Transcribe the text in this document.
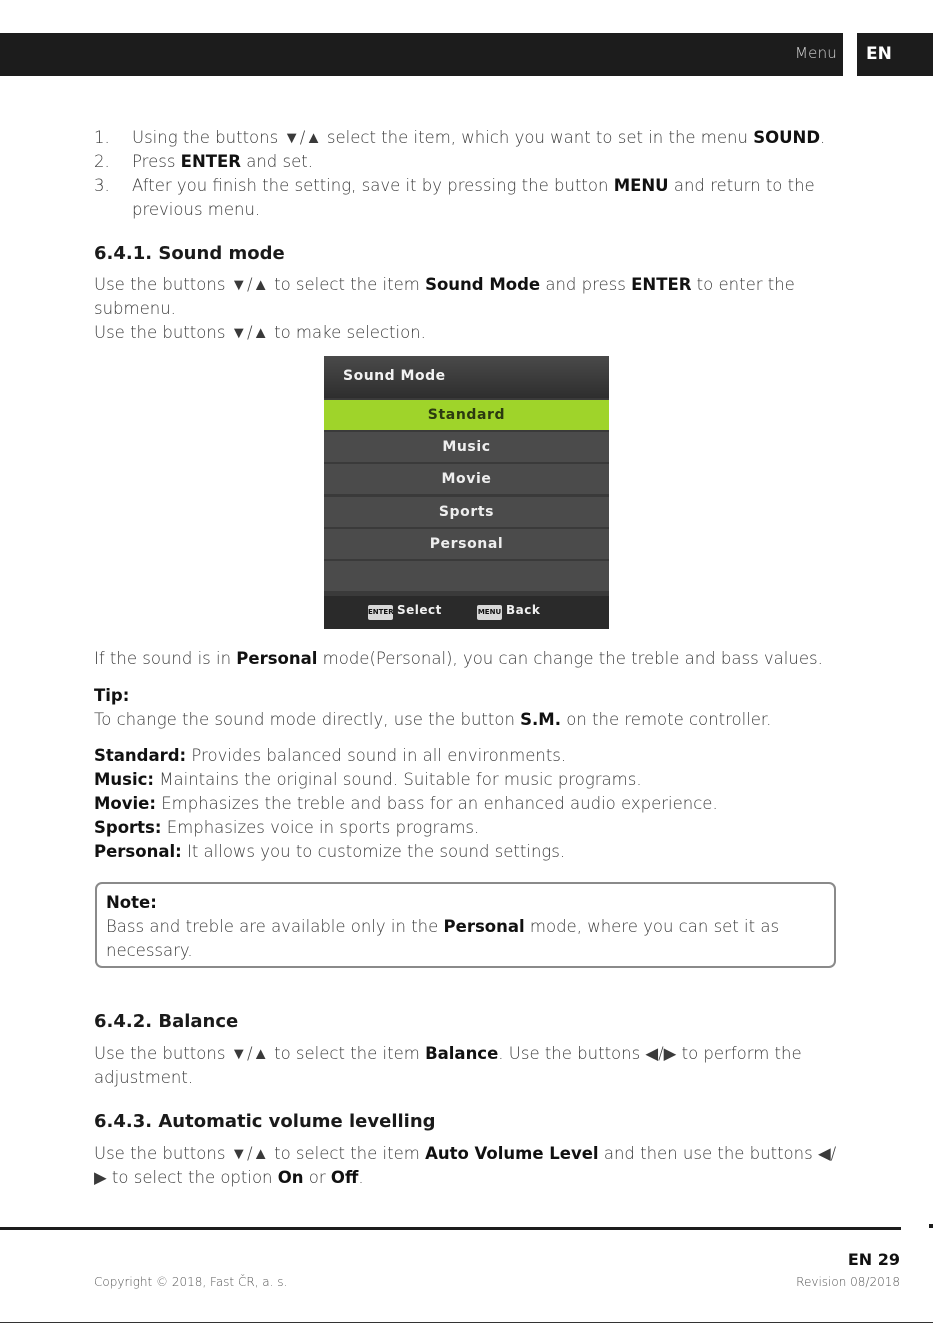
Menu	EN
1. Using the buttons ▼/▲ select the item, which you want to set in the menu SOUND.
2. Press ENTER and set.
3. After you finish the setting, save it by pressing the button MENU and return to the previous menu.
6.4.1. Sound mode

Use the buttons ▼/▲ to select the item Sound Mode and press ENTER to enter the submenu.
Use the buttons ▼/▲ to make selection.

Sound Mode
Standard
Music
Movie
Sports
Personal
ENTER Select	MENU Back

If the sound is in Personal mode(Personal), you can change the treble and bass values.

Tip:
To change the sound mode directly, use the button S.M. on the remote controller.

Standard: Provides balanced sound in all environments.
Music: Maintains the original sound. Suitable for music programs.
Movie: Emphasizes the treble and bass for an enhanced audio experience.
Sports: Emphasizes voice in sports programs.
Personal: It allows you to customize the sound settings.

Note:
Bass and treble are available only in the Personal mode, where you can set it as necessary.

6.4.2. Balance

Use the buttons ▼/▲ to select the item Balance. Use the buttons ◀/▶ to perform the adjustment.

6.4.3. Automatic volume levelling

Use the buttons ▼/▲ to select the item Auto Volume Level and then use the buttons ◀/▶ to select the option On or Off.

EN 29
Copyright © 2018, Fast ČR, a. s.	Revision 08/2018
